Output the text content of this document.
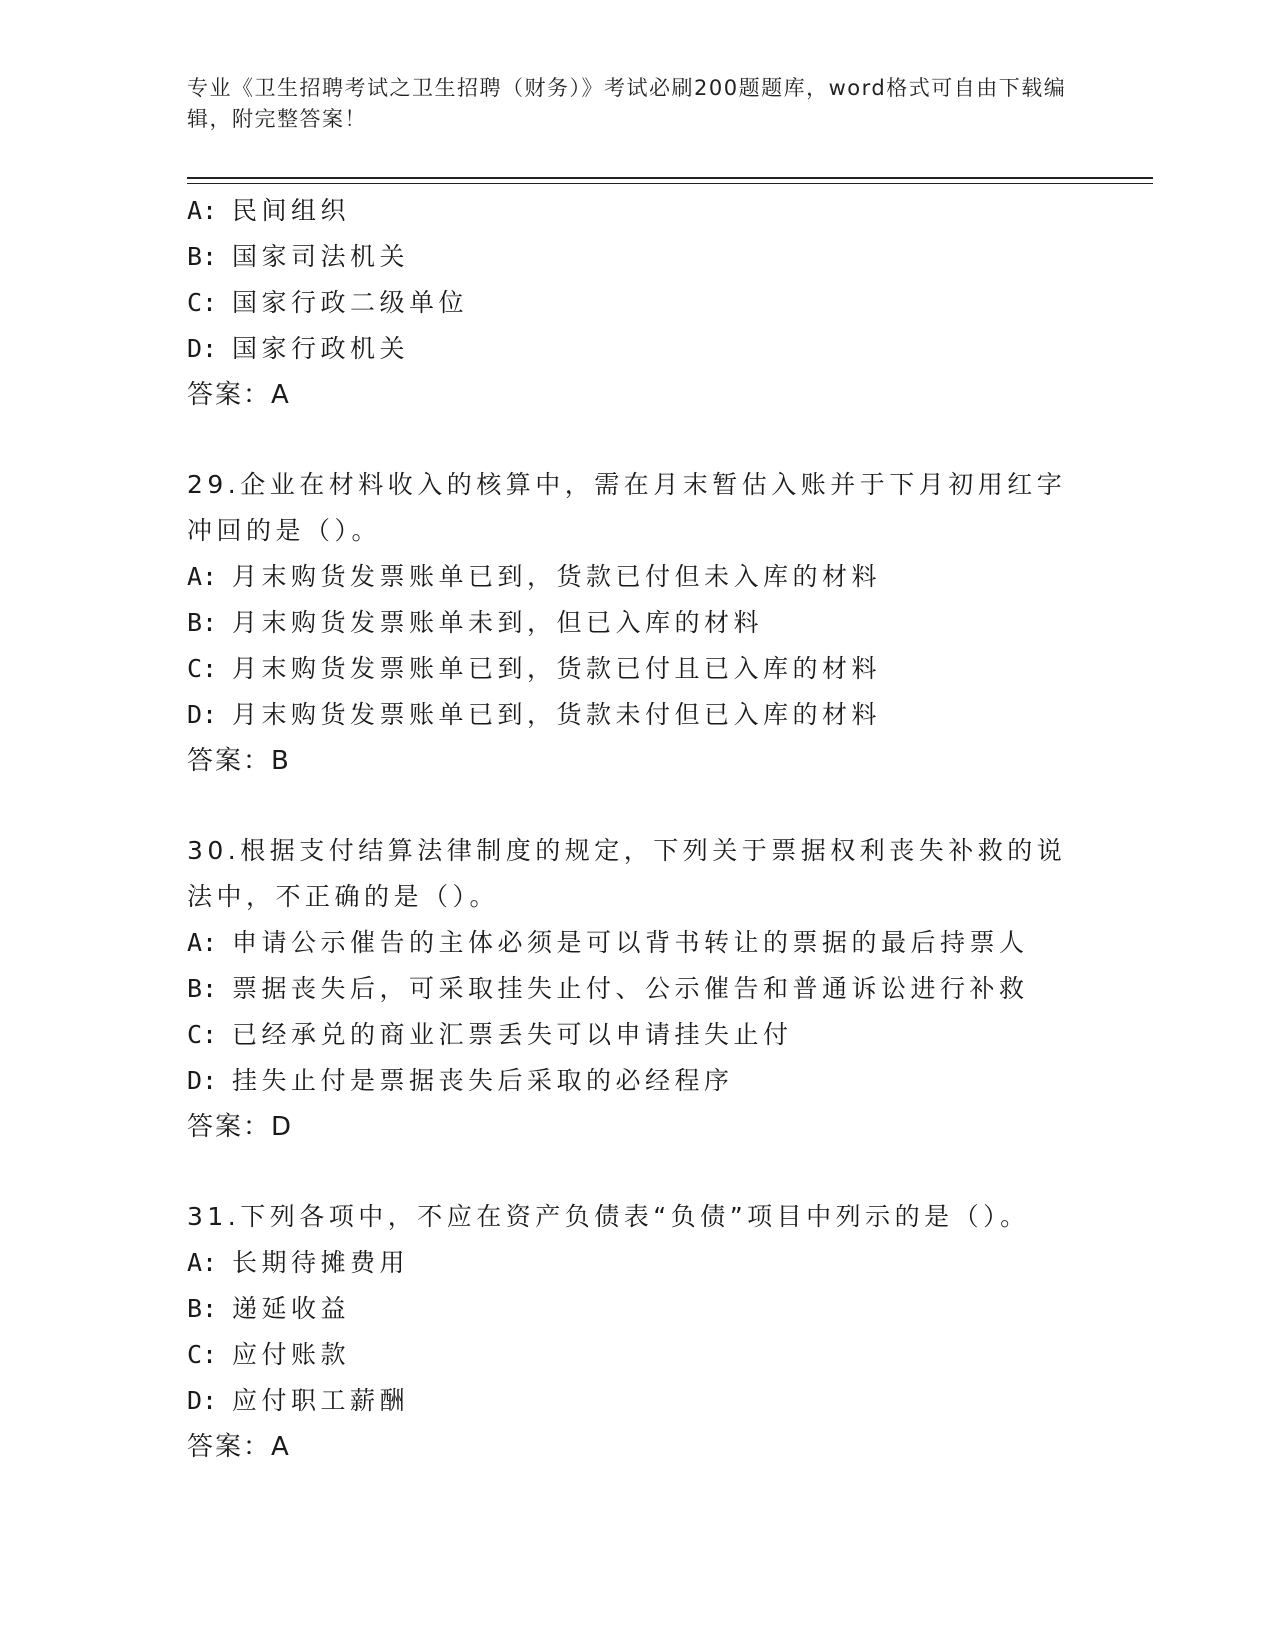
专业《卫生招聘考试之卫生招聘（财务）》考试必刷200题题库，word格式可自由下载编辑，附完整答案！
A: 民间组织
B: 国家司法机关
C: 国家行政二级单位
D: 国家行政机关
答案：A
29.企业在材料收入的核算中，需在月末暂估入账并于下月初用红字冲回的是（）。
A: 月末购货发票账单已到，货款已付但未入库的材料
B: 月末购货发票账单未到，但已入库的材料
C: 月末购货发票账单已到，货款已付且已入库的材料
D: 月末购货发票账单已到，货款未付但已入库的材料
答案：B
30.根据支付结算法律制度的规定，下列关于票据权利丧失补救的说法中，不正确的是（）。
A: 申请公示催告的主体必须是可以背书转让的票据的最后持票人
B: 票据丧失后，可采取挂失止付、公示催告和普通诉讼进行补救
C: 已经承兑的商业汇票丢失可以申请挂失止付
D: 挂失止付是票据丧失后采取的必经程序
答案：D
31.下列各项中，不应在资产负债表“负债”项目中列示的是（）。
A: 长期待摊费用
B: 递延收益
C: 应付账款
D: 应付职工薪酬
答案：A
